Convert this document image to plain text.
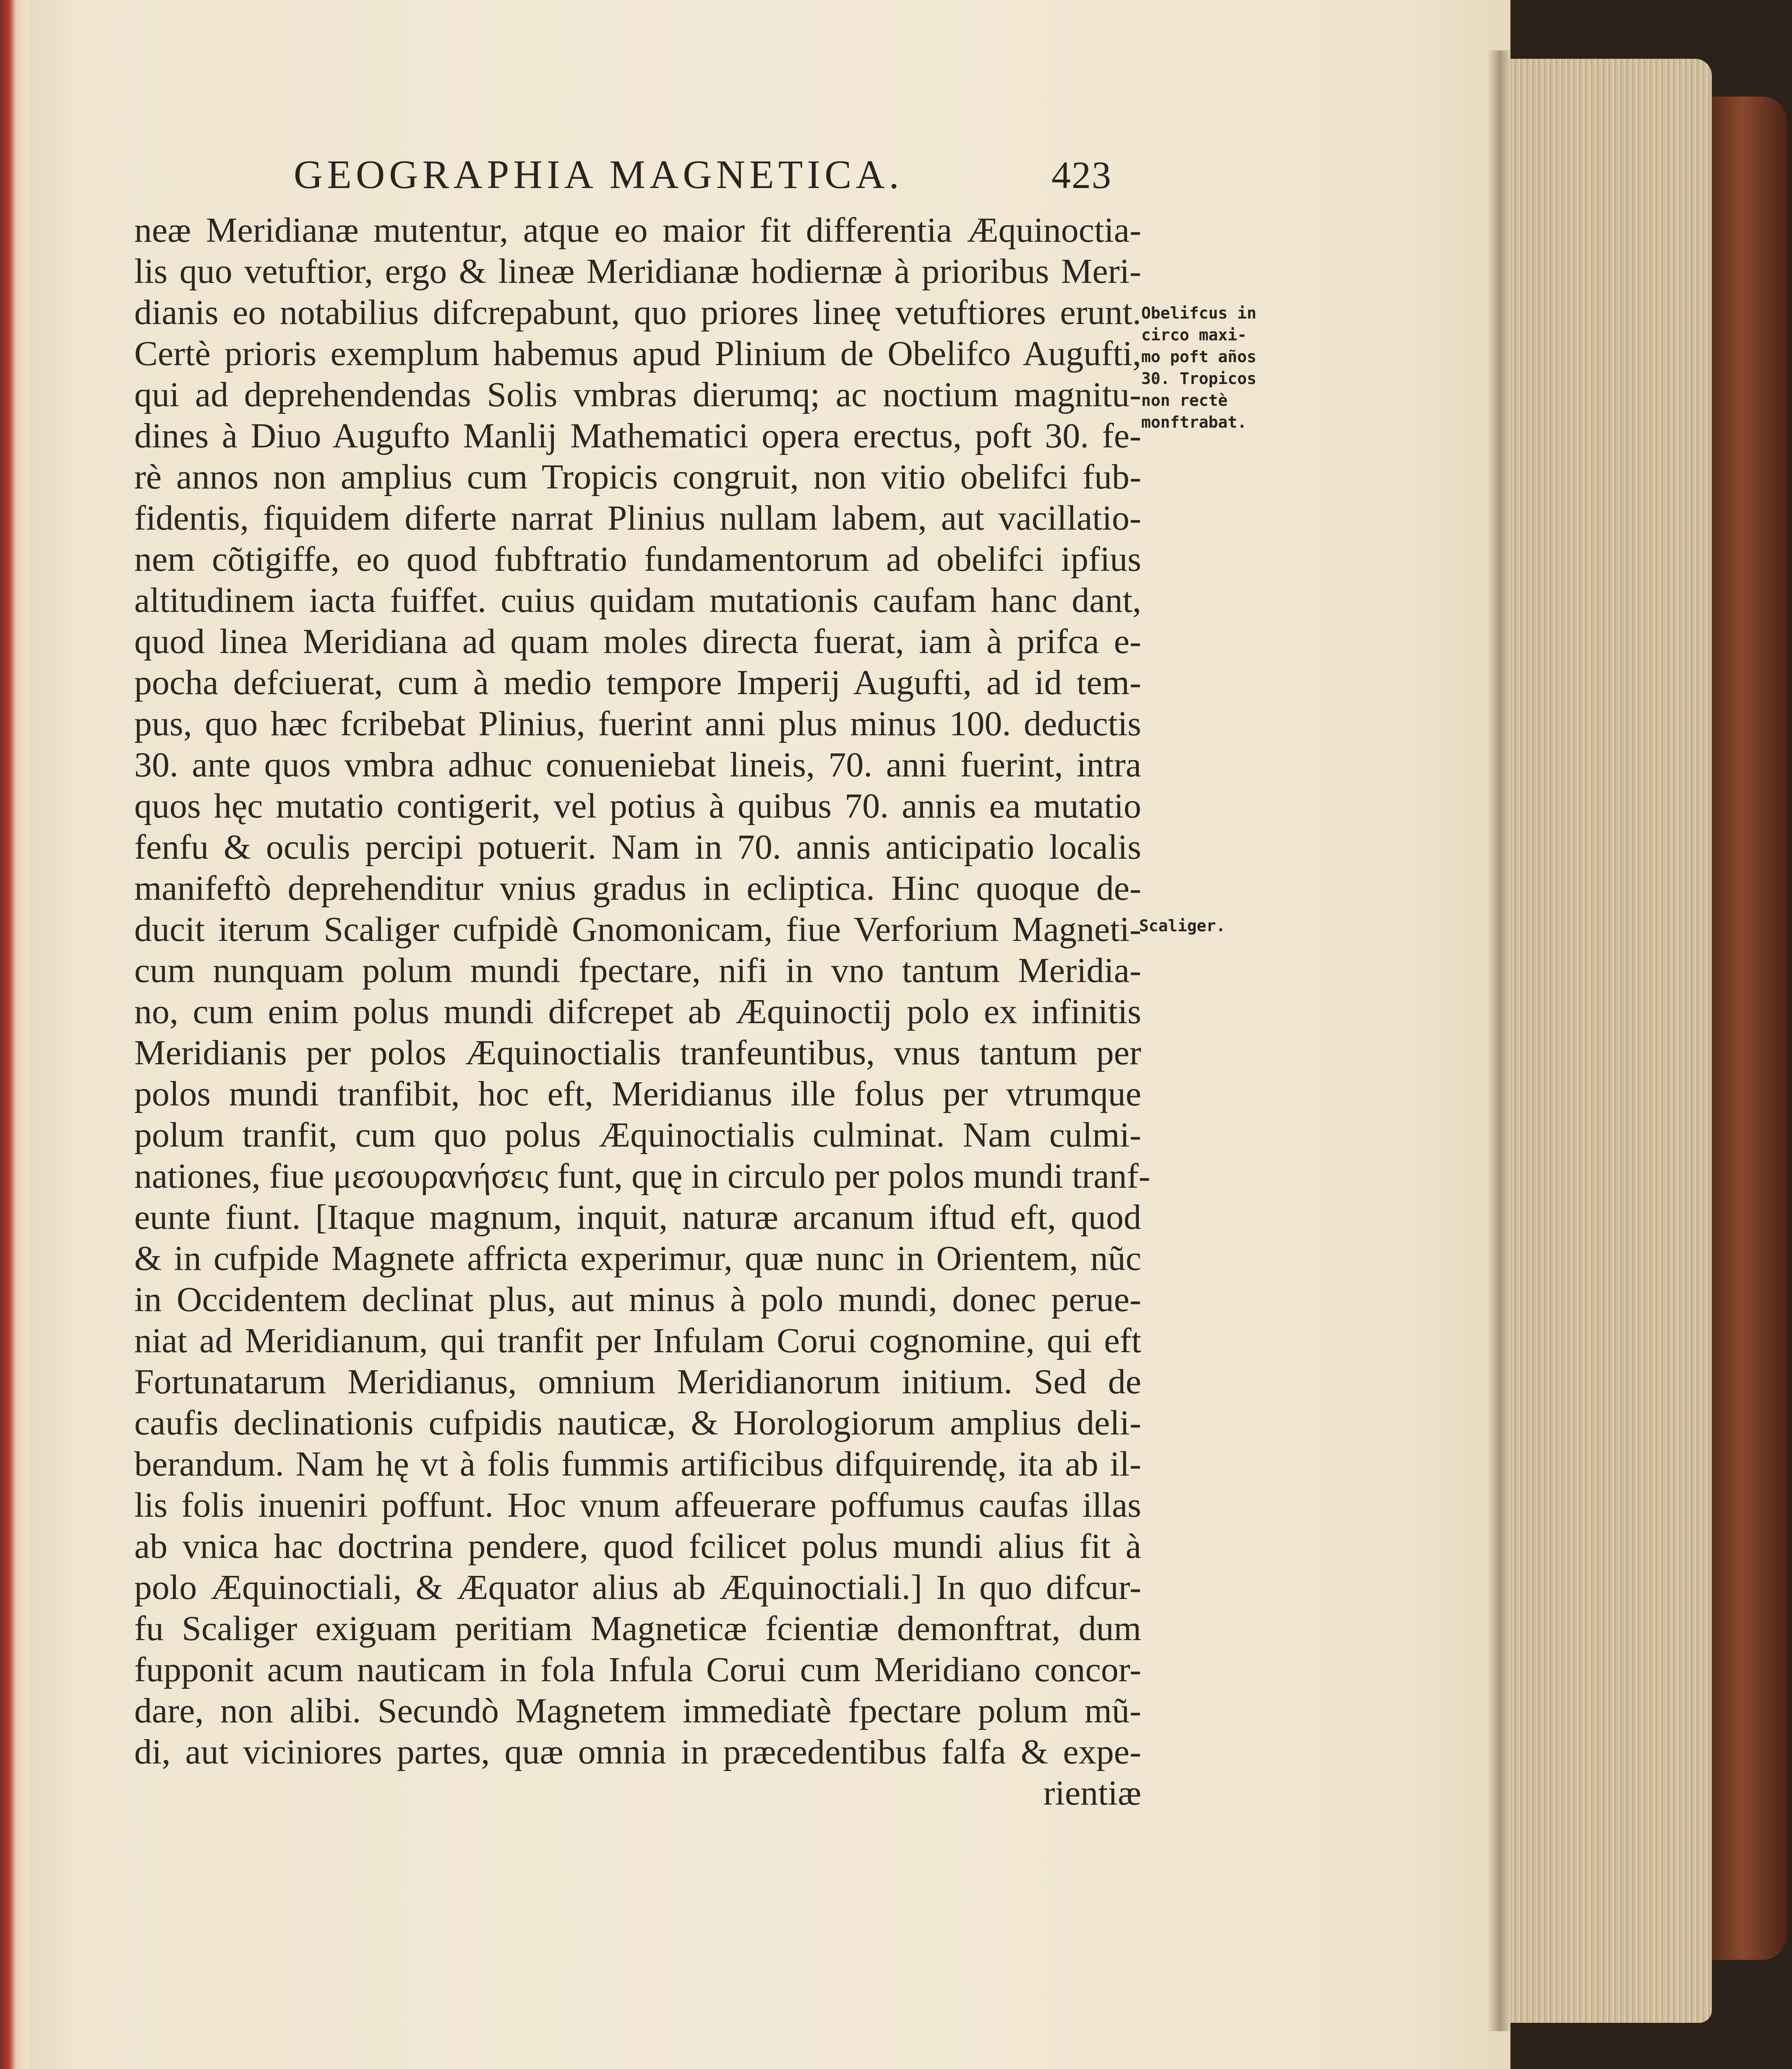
GEOGRAPHIA MAGNETICA.	423
neæ Meridianæ mutentur, atque eo maior fit differentia Æquinoctia-
lis quo vetuftior, ergo & lineæ Meridianæ hodiernæ à prioribus Meri-
dianis eo notabilius difcrepabunt, quo priores lineę vetuftiores erunt.
Certè prioris exemplum habemus apud Plinium de Obelifco Augufti,
qui ad deprehendendas Solis vmbras dierumq; ac noctium magnitu-
dines à Diuo Augufto Manlij Mathematici opera erectus, poft 30. fe-
rè annos non amplius cum Tropicis congruit, non vitio obelifci fub-
fidentis, fiquidem diferte narrat Plinius nullam labem, aut vacillatio-
nem cõtigiffe, eo quod fubftratio fundamentorum ad obelifci ipfius
altitudinem iacta fuiffet. cuius quidam mutationis caufam hanc dant,
quod linea Meridiana ad quam moles directa fuerat, iam à prifca e-
pocha defciuerat, cum à medio tempore Imperij Augufti, ad id tem-
pus, quo hæc fcribebat Plinius, fuerint anni plus minus 100. deductis
30. ante quos vmbra adhuc conueniebat lineis, 70. anni fuerint, intra
quos hęc mutatio contigerit, vel potius à quibus 70. annis ea mutatio
fenfu & oculis percipi potuerit. Nam in 70. annis anticipatio localis
manifeftò deprehenditur vnius gradus in ecliptica. Hinc quoque de-
ducit iterum Scaliger cufpidè Gnomonicam, fiue Verforium Magneti-
cum nunquam polum mundi fpectare, nifi in vno tantum Meridia-
no, cum enim polus mundi difcrepet ab Æquinoctij polo ex infinitis
Meridianis per polos Æquinoctialis tranfeuntibus, vnus tantum per
polos mundi tranfibit, hoc eft, Meridianus ille folus per vtrumque
polum tranfit, cum quo polus Æquinoctialis culminat. Nam culmi-
nationes, fiue μεσουρανήσεις funt, quę in circulo per polos mundi tranf-
eunte fiunt. [Itaque magnum, inquit, naturæ arcanum iftud eft, quod
& in cufpide Magnete affricta experimur, quæ nunc in Orientem, nũc
in Occidentem declinat plus, aut minus à polo mundi, donec perue-
niat ad Meridianum, qui tranfit per Infulam Corui cognomine, qui eft
Fortunatarum Meridianus, omnium Meridianorum initium. Sed de
caufis declinationis cufpidis nauticæ, & Horologiorum amplius deli-
berandum. Nam hę vt à folis fummis artificibus difquirendę, ita ab il-
lis folis inueniri poffunt. Hoc vnum affeuerare poffumus caufas illas
ab vnica hac doctrina pendere, quod fcilicet polus mundi alius fit à
polo Æquinoctiali, & Æquator alius ab Æquinoctiali.] In quo difcur-
fu Scaliger exiguam peritiam Magneticæ fcientiæ demonftrat, dum
fupponit acum nauticam in fola Infula Corui cum Meridiano concor-
dare, non alibi. Secundò Magnetem immediatè fpectare polum mũ-
di, aut viciniores partes, quæ omnia in præcedentibus falfa & expe-
rientiæ
Obelifcus in
circo maxi-
mo poft años
30. Tropicos
non rectè
monftrabat.
Scaliger.
